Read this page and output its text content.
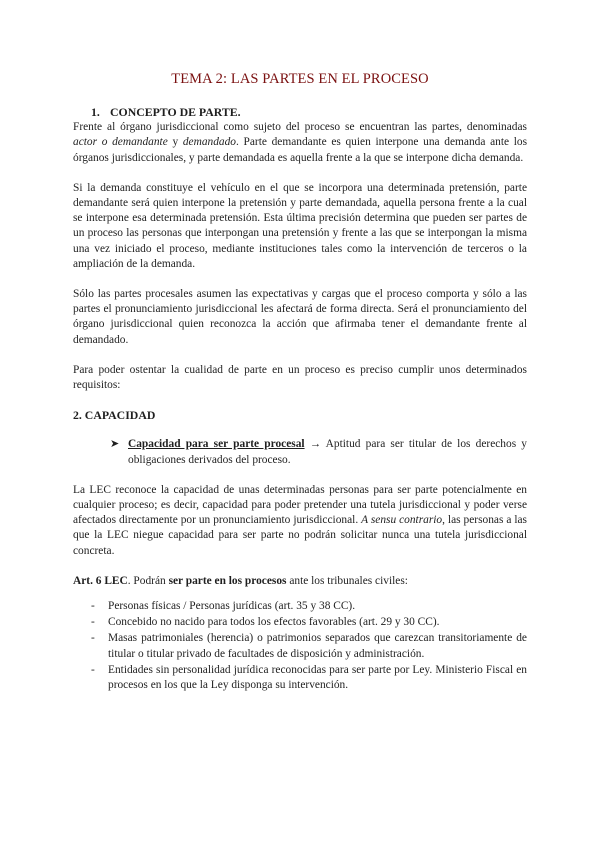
TEMA 2: LAS PARTES EN EL PROCESO
1. CONCEPTO DE PARTE.
Frente al órgano jurisdiccional como sujeto del proceso se encuentran las partes, denominadas actor o demandante y demandado. Parte demandante es quien interpone una demanda ante los órganos jurisdiccionales, y parte demandada es aquella frente a la que se interpone dicha demanda.
Si la demanda constituye el vehículo en el que se incorpora una determinada pretensión, parte demandante será quien interpone la pretensión y parte demandada, aquella persona frente a la cual se interpone esa determinada pretensión. Esta última precisión determina que pueden ser partes de un proceso las personas que interpongan una pretensión y frente a las que se interpongan la misma una vez iniciado el proceso, mediante instituciones tales como la intervención de terceros o la ampliación de la demanda.
Sólo las partes procesales asumen las expectativas y cargas que el proceso comporta y sólo a las partes el pronunciamiento jurisdiccional les afectará de forma directa. Será el pronunciamiento del órgano jurisdiccional quien reconozca la acción que afirmaba tener el demandante frente al demandado.
Para poder ostentar la cualidad de parte en un proceso es preciso cumplir unos determinados requisitos:
2. CAPACIDAD
➤ Capacidad para ser parte procesal → Aptitud para ser titular de los derechos y obligaciones derivados del proceso.
La LEC reconoce la capacidad de unas determinadas personas para ser parte potencialmente en cualquier proceso; es decir, capacidad para poder pretender una tutela jurisdiccional y poder verse afectados directamente por un pronunciamiento jurisdiccional. A sensu contrario, las personas a las que la LEC niegue capacidad para ser parte no podrán solicitar nunca una tutela jurisdiccional concreta.
Art. 6 LEC. Podrán ser parte en los procesos ante los tribunales civiles:
-	Personas físicas / Personas jurídicas (art. 35 y 38 CC).
-	Concebido no nacido para todos los efectos favorables (art. 29 y 30 CC).
-	Masas patrimoniales (herencia) o patrimonios separados que carezcan transitoriamente de titular o titular privado de facultades de disposición y administración.
-	Entidades sin personalidad jurídica reconocidas para ser parte por Ley. Ministerio Fiscal en procesos en los que la Ley disponga su intervención.
